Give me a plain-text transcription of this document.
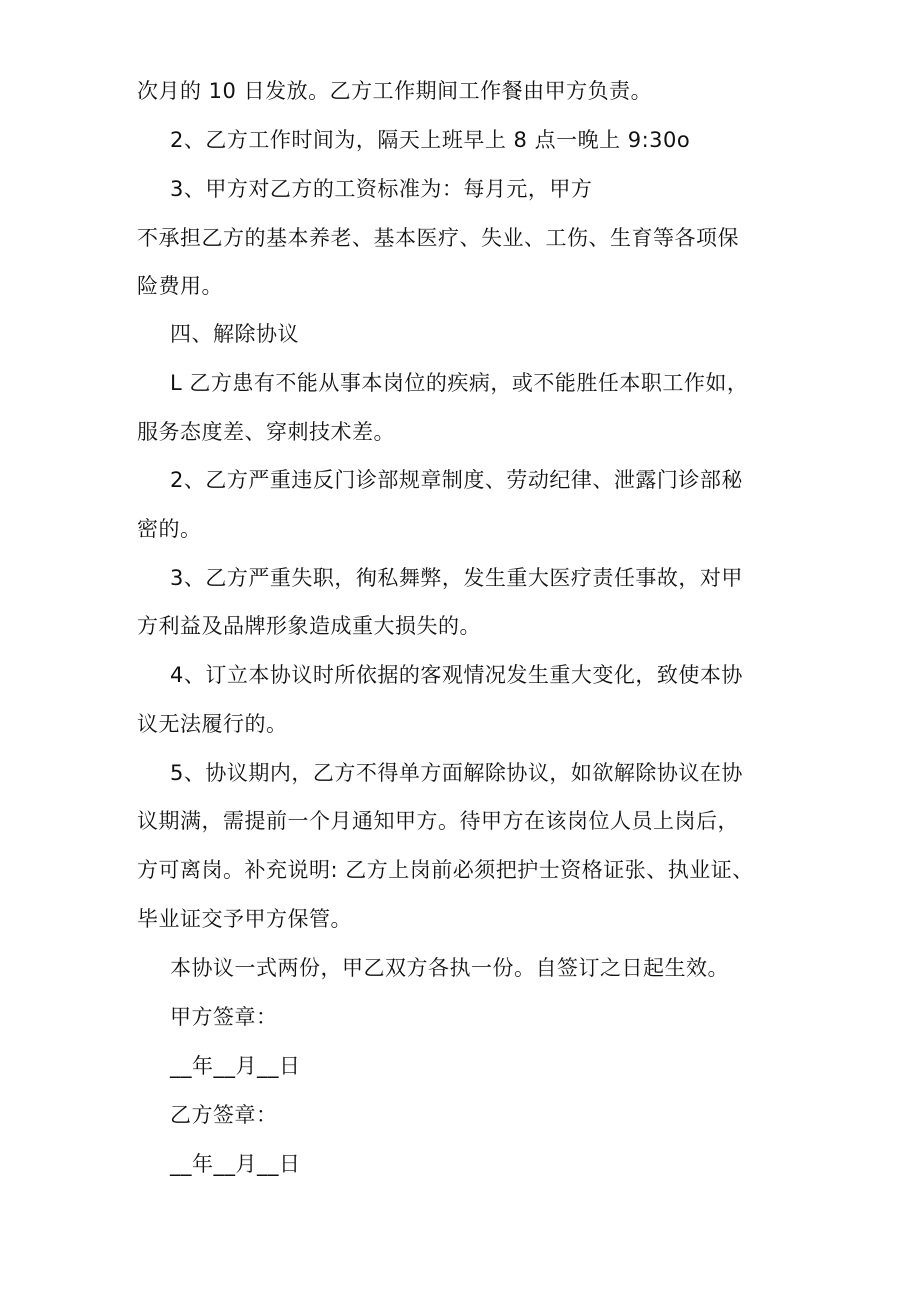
次月的 10 日发放。乙方工作期间工作餐由甲方负责。
2、乙方工作时间为，隔天上班早上 8 点一晚上 9:30o
3、甲方对乙方的工资标准为：每月元，甲方
不承担乙方的基本养老、基本医疗、失业、工伤、生育等各项保
险费用。
四、解除协议
L 乙方患有不能从事本岗位的疾病，或不能胜任本职工作如，
服务态度差、穿刺技术差。
2、乙方严重违反门诊部规章制度、劳动纪律、泄露门诊部秘
密的。
3、乙方严重失职，徇私舞弊，发生重大医疗责任事故，对甲
方利益及品牌形象造成重大损失的。
4、订立本协议时所依据的客观情况发生重大变化，致使本协
议无法履行的。
5、协议期内，乙方不得单方面解除协议，如欲解除协议在协
议期满，需提前一个月通知甲方。待甲方在该岗位人员上岗后，
方可离岗。补充说明: 乙方上岗前必须把护士资格证张、执业证、
毕业证交予甲方保管。
本协议一式两份，甲乙双方各执一份。自签订之日起生效。
甲方签章：
__年__月__日
乙方签章：
__年__月__日
